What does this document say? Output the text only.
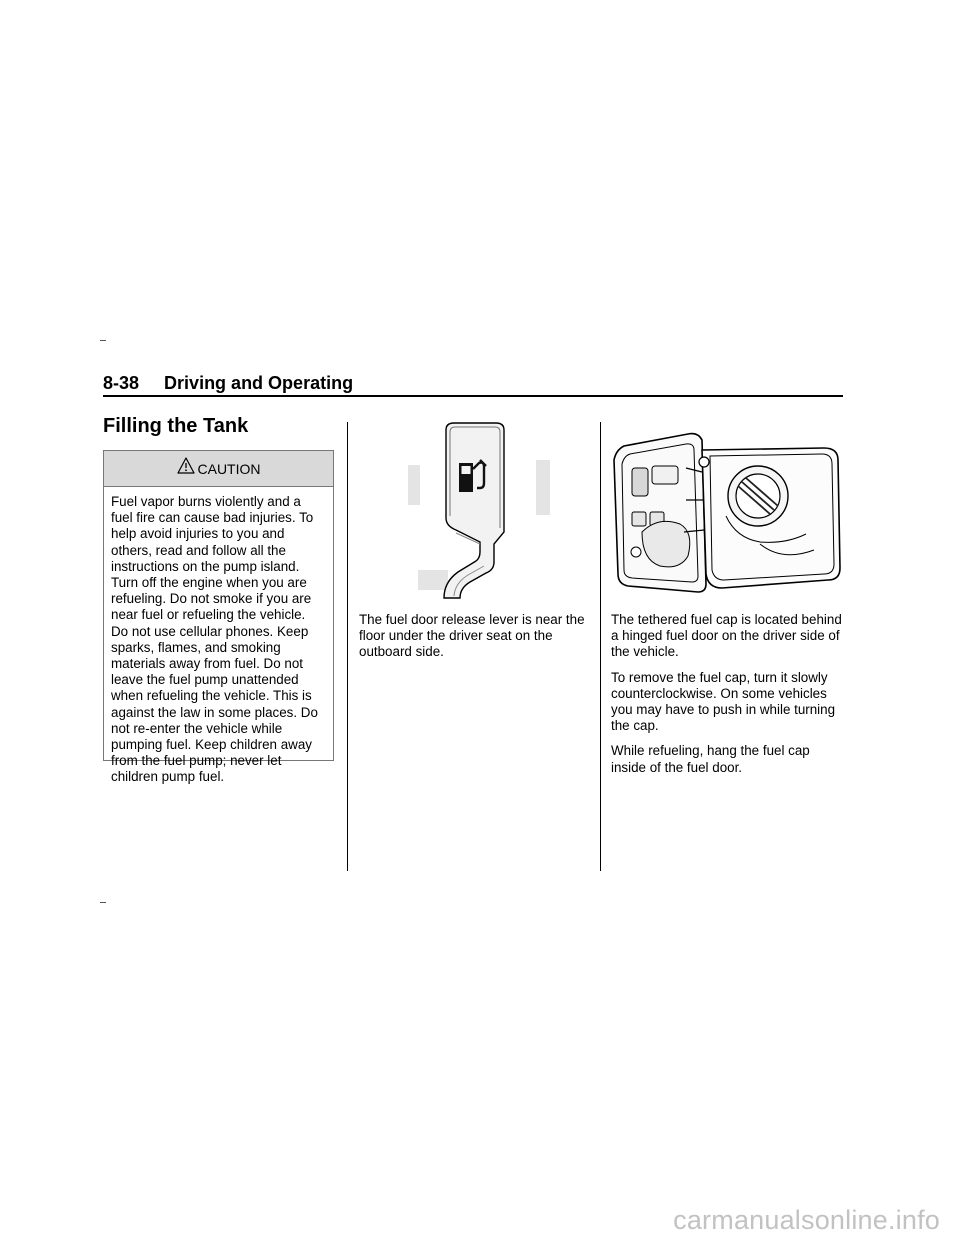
8-38 Driving and Operating
Filling the Tank
CAUTION
Fuel vapor burns violently and a fuel fire can cause bad injuries. To help avoid injuries to you and others, read and follow all the instructions on the pump island. Turn off the engine when you are refueling. Do not smoke if you are near fuel or refueling the vehicle. Do not use cellular phones. Keep sparks, flames, and smoking materials away from fuel. Do not leave the fuel pump unattended when refueling the vehicle. This is against the law in some places. Do not re-enter the vehicle while pumping fuel. Keep children away from the fuel pump; never let children pump fuel.

The fuel door release lever is near the floor under the driver seat on the outboard side.

The tethered fuel cap is located behind a hinged fuel door on the driver side of the vehicle.

To remove the fuel cap, turn it slowly counterclockwise. On some vehicles you may have to push in while turning the cap.

While refueling, hang the fuel cap inside of the fuel door.

carmanualsonline.info
